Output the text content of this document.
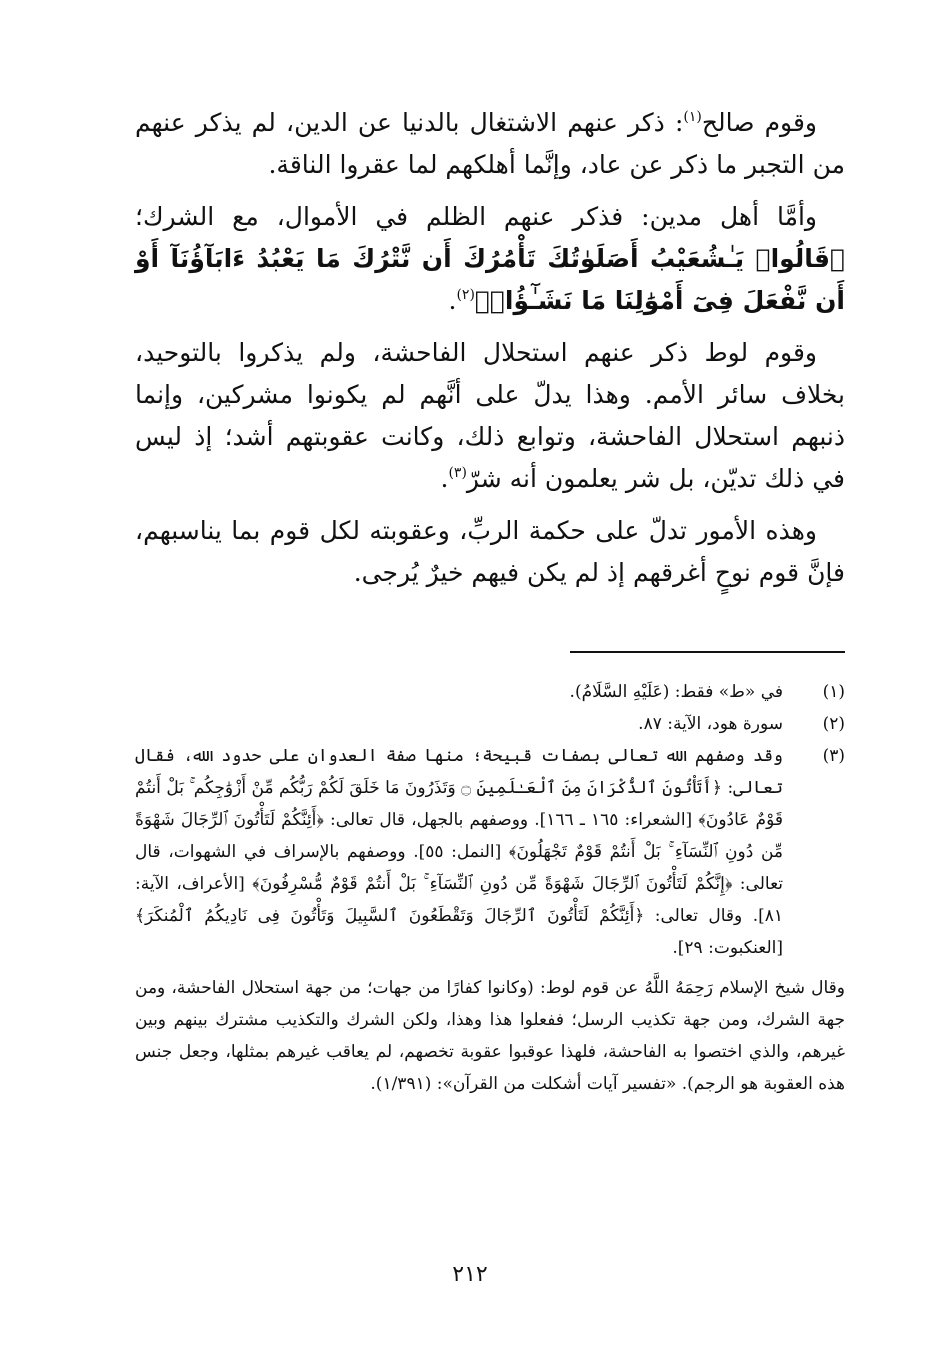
وقوم صالح$^{(١)}$: ذكر عنهم الاشتغال بالدنيا عن الدين، لم يذكر عنهم من التجبر ما ذكر عن عاد، وإنَّما أهلكهم لما عقروا الناقة.

وأمَّا أهل مدين: فذكر عنهم الظلم في الأموال، مع الشرك؛ ﴿قَالُوا۟ يَـٰشُعَيْبُ أَصَلَوٰتُكَ تَأْمُرُكَ أَن نَّتْرُكَ مَا يَعْبُدُ ءَابَآؤُنَآ أَوْ أَن نَّفْعَلَ فِىٓ أَمْوَٰلِنَا مَا نَشَـٰٓؤُا۟﴾$^{(٢)}$.

وقوم لوط ذكر عنهم استحلال الفاحشة، ولم يذكروا بالتوحيد، بخلاف سائر الأمم. وهذا يدلّ على أنَّهم لم يكونوا مشركين، وإنما ذنبهم استحلال الفاحشة، وتوابع ذلك، وكانت عقوبتهم أشد؛ إذ ليس في ذلك تديّن، بل شر يعلمون أنه شرّ$^{(٣)}$.

وهذه الأمور تدلّ على حكمة الربِّ، وعقوبته لكل قوم بما يناسبهم، فإنَّ قوم نوحٍ أغرقهم إذ لم يكن فيهم خيرٌ يُرجى.

(١)
في «ط» فقط: (عَلَيْهِ السَّلَامُ).
(٢)
سورة هود، الآية: ٨٧.
(٣)
وقد وصفهم الله تعالى بصفات قبيحة؛ منها صفة العدوان على حدود الله، فقال تعالى: ﴿أَتَأْتُونَ ٱلذُّكْرَانَ مِنَ ٱلْعَـٰلَمِينَ ۝ وَتَذَرُونَ مَا خَلَقَ لَكُمْ رَبُّكُم مِّنْ أَزْوَٰجِكُم ۚ بَلْ أَنتُمْ قَوْمٌ عَادُونَ﴾ [الشعراء: ١٦٥ ـ ١٦٦]. ووصفهم بالجهل، قال تعالى: ﴿أَئِنَّكُمْ لَتَأْتُونَ ٱلرِّجَالَ شَهْوَةً مِّن دُونِ ٱلنِّسَآءِ ۚ بَلْ أَنتُمْ قَوْمٌ تَجْهَلُونَ﴾ [النمل: ٥٥]. ووصفهم بالإسراف في الشهوات، قال تعالى: ﴿إِنَّكُمْ لَتَأْتُونَ ٱلرِّجَالَ شَهْوَةً مِّن دُونِ ٱلنِّسَآءِ ۚ بَلْ أَنتُمْ قَوْمٌ مُّسْرِفُونَ﴾ [الأعراف، الآية: ٨١]. وقال تعالى: ﴿أَئِنَّكُمْ لَتَأْتُونَ ٱلرِّجَالَ وَتَقْطَعُونَ ٱلسَّبِيلَ وَتَأْتُونَ فِى نَادِيكُمُ ٱلْمُنكَرَ﴾ [العنكبوت: ٢٩].

وقال شيخ الإسلام رَحِمَهُ اللَّهُ عن قوم لوط: (وكانوا كفارًا من جهات؛ من جهة استحلال الفاحشة، ومن جهة الشرك، ومن جهة تكذيب الرسل؛ ففعلوا هذا وهذا، ولكن الشرك والتكذيب مشترك بينهم وبين غيرهم، والذي اختصوا به الفاحشة، فلهذا عوقبوا عقوبة تخصهم، لم يعاقب غيرهم بمثلها، وجعل جنس هذه العقوبة هو الرجم). «تفسير آيات أشكلت من القرآن»: (١/٣٩١).

٢١٢
